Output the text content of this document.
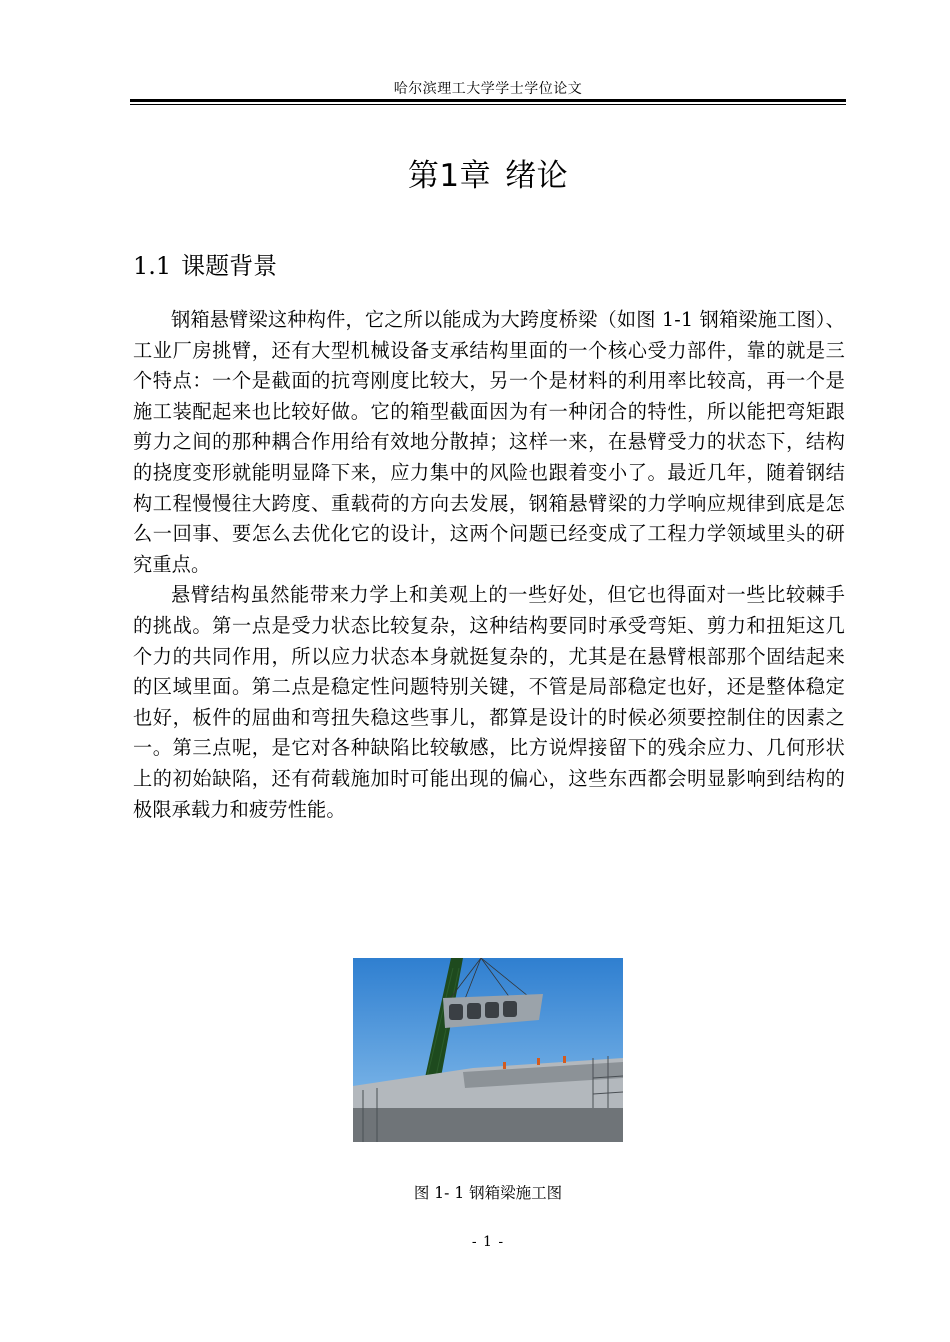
哈尔滨理工大学学士学位论文
第1章 绪论
1.1 课题背景

钢箱悬臂梁这种构件，它之所以能成为大跨度桥梁（如图 1-1 钢箱梁施工图）、工业厂房挑臂，还有大型机械设备支承结构里面的一个核心受力部件，靠的就是三个特点：一个是截面的抗弯刚度比较大，另一个是材料的利用率比较高，再一个是施工装配起来也比较好做。它的箱型截面因为有一种闭合的特性，所以能把弯矩跟剪力之间的那种耦合作用给有效地分散掉；这样一来，在悬臂受力的状态下，结构的挠度变形就能明显降下来，应力集中的风险也跟着变小了。最近几年，随着钢结构工程慢慢往大跨度、重载荷的方向去发展，钢箱悬臂梁的力学响应规律到底是怎么一回事、要怎么去优化它的设计，这两个问题已经变成了工程力学领域里头的研究重点。

悬臂结构虽然能带来力学上和美观上的一些好处，但它也得面对一些比较棘手的挑战。第一点是受力状态比较复杂，这种结构要同时承受弯矩、剪力和扭矩这几个力的共同作用，所以应力状态本身就挺复杂的，尤其是在悬臂根部那个固结起来的区域里面。第二点是稳定性问题特别关键，不管是局部稳定也好，还是整体稳定也好，板件的屈曲和弯扭失稳这些事儿，都算是设计的时候必须要控制住的因素之一。第三点呢，是它对各种缺陷比较敏感，比方说焊接留下的残余应力、几何形状上的初始缺陷，还有荷载施加时可能出现的偏心，这些东西都会明显影响到结构的极限承载力和疲劳性能。

图 1- 1 钢箱梁施工图
- 1 -
